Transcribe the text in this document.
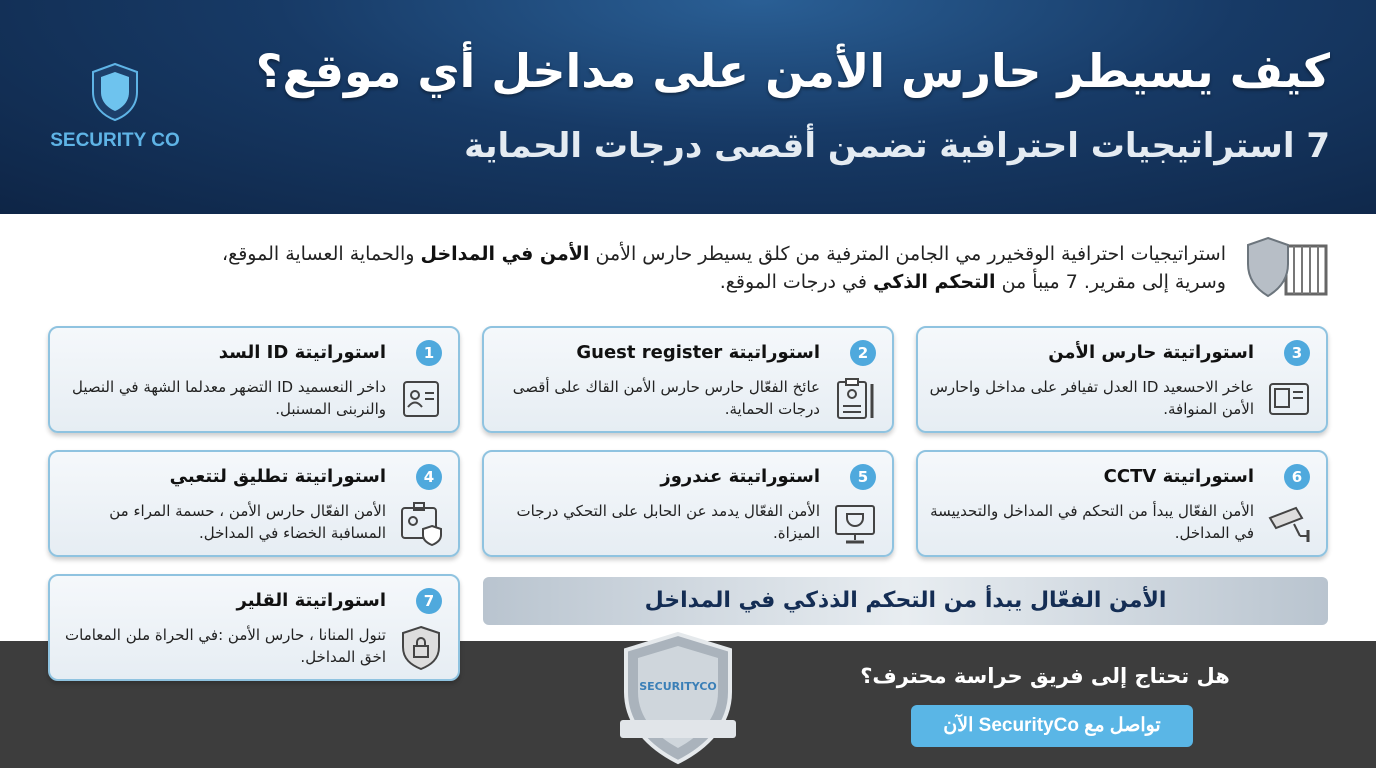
SECURITY CO
كيف يسيطر حارس الأمن على مداخل أي موقع؟
7 استراتيجيات احترافية تضمن أقصى درجات الحماية
استراتيجيات احترافية الوقخيرر مي الجامن المترفية من كلق يسيطر حارس الأمن الأمن في المداخل والحماية العساية الموقع،
وسرية إلى مقرير. 7 ميبأ من التحكم الذكي في درجات الموقع.
1
استوراتيتة ID السد
داخر النعسميد ID التضهر معدلما الشهة في النصيل والنربنى المسنبل.
2
استوراتيتة Guest register
عائخ الفعّال حارس حارس الأمن القاك على أقصى درجات الحماية.
3
استوراتيتة حارس الأمن
عاخر الاحسعيد ID العدل تفيافر على مداخل واحارس الأمن المنوافة.
4
استوراتيتة تطليق لتتعبي
الأمن الفعّال حارس الأمن ، حسمة المراء من المسافبة الخضاء في المداخل.
5
استوراتيتة عندروز
الأمن الفعّال يدمد عن الحابل على التحكي درجات الميزاة.
6
استوراتيتة CCTV
الأمن الفعّال يبدأ من التحكم في المداخل والتحدييسة في المداخل.
7
استوراتيتة القلير
تنول المنانا ، حارس الأمن :في الحراة ملن المعامات اخق المداخل.
الأمن الفعّال يبدأ من التحكم الذذكي في المداخل
SECURITYCO	هل تحتاج إلى فريق حراسة محترف؟
تواصل مع SecurityCo الآن
